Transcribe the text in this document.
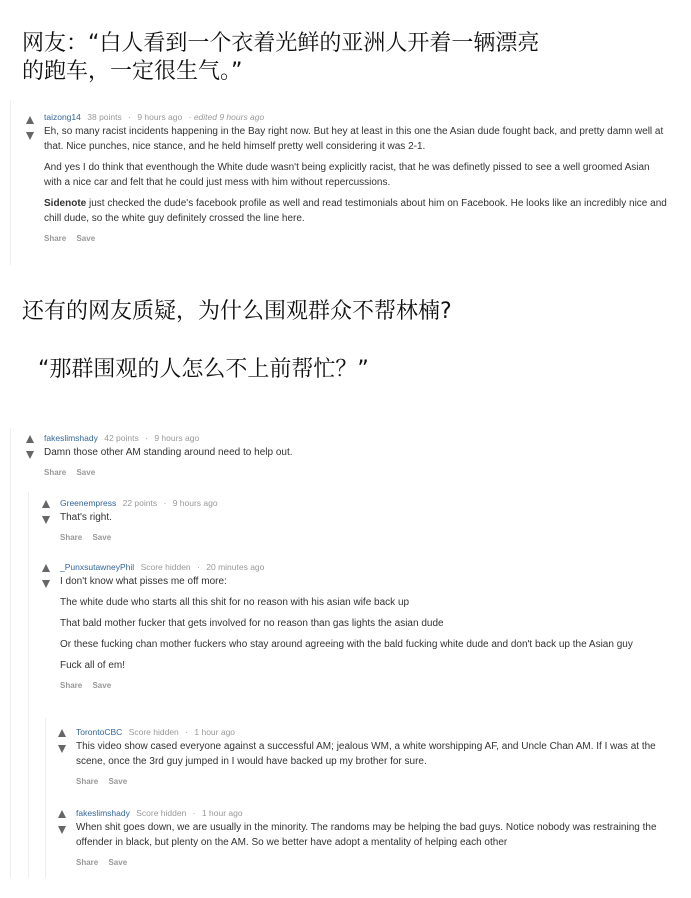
网友：“白人看到一个衣着光鲜的亚洲人开着一辆漂亮
的跑车，一定很生气。”
还有的网友质疑，为什么围观群众不帮林楠?
“那群围观的人怎么不上前帮忙？”
taizong14 38 points · 9 hours ago · edited 9 hours ago

Eh, so many racist incidents happening in the Bay right now. But hey at least in this one the Asian dude fought back, and pretty damn well at that. Nice punches, nice stance, and he held himself pretty well considering it was 2-1.

And yes I do think that eventhough the White dude wasn't being explicitly racist, that he was definetly pissed to see a well groomed Asian with a nice car and felt that he could just mess with him without repercussions.

Sidenote just checked the dude's facebook profile as well and read testimonials about him on Facebook. He looks like an incredibly nice and chill dude, so the white guy definitely crossed the line here.

Share Save
fakeslimshady 42 points · 9 hours ago

Damn those other AM standing around need to help out.

Share Save
Greenempress 22 points · 9 hours ago

That's right.

Share Save
_PunxsutawneyPhil Score hidden · 20 minutes ago

I don't know what pisses me off more:

The white dude who starts all this shit for no reason with his asian wife back up

That bald mother fucker that gets involved for no reason than gas lights the asian dude

Or these fucking chan mother fuckers who stay around agreeing with the bald fucking white dude and don't back up the Asian guy

Fuck all of em!

Share Save
TorontoCBC Score hidden · 1 hour ago

This video show cased everyone against a successful AM; jealous WM, a white worshipping AF, and Uncle Chan AM. If I was at the scene, once the 3rd guy jumped in I would have backed up my brother for sure.

Share Save
fakeslimshady Score hidden · 1 hour ago

When shit goes down, we are usually in the minority. The randoms may be helping the bad guys. Notice nobody was restraining the offender in black, but plenty on the AM. So we better have adopt a mentality of helping each other

Share Save
